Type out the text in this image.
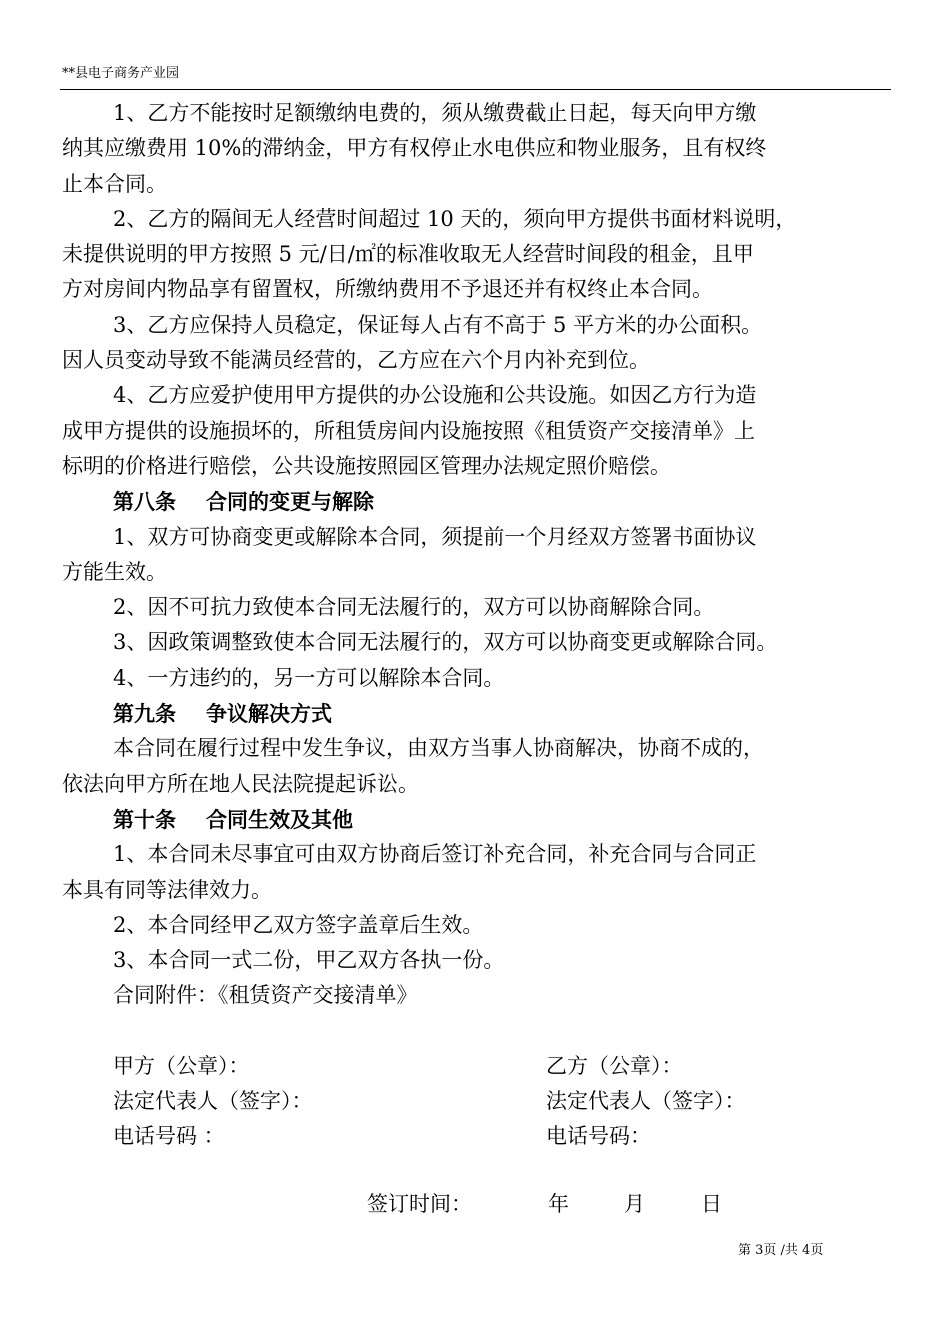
**县电子商务产业园
1、乙方不能按时足额缴纳电费的，须从缴费截止日起，每天向甲方缴
纳其应缴费用 10%的滞纳金，甲方有权停止水电供应和物业服务，且有权终
止本合同。
2、乙方的隔间无人经营时间超过 10 天的，须向甲方提供书面材料说明，
未提供说明的甲方按照 5 元/日/㎡的标准收取无人经营时间段的租金，且甲
方对房间内物品享有留置权，所缴纳费用不予退还并有权终止本合同。
3、乙方应保持人员稳定，保证每人占有不高于 5 平方米的办公面积。
因人员变动导致不能满员经营的，乙方应在六个月内补充到位。
4、乙方应爱护使用甲方提供的办公设施和公共设施。如因乙方行为造
成甲方提供的设施损坏的，所租赁房间内设施按照《租赁资产交接清单》上
标明的价格进行赔偿，公共设施按照园区管理办法规定照价赔偿。
第八条 合同的变更与解除
1、双方可协商变更或解除本合同，须提前一个月经双方签署书面协议
方能生效。
2、因不可抗力致使本合同无法履行的，双方可以协商解除合同。
3、因政策调整致使本合同无法履行的，双方可以协商变更或解除合同。
4、一方违约的，另一方可以解除本合同。
第九条 争议解决方式
本合同在履行过程中发生争议，由双方当事人协商解决，协商不成的，
依法向甲方所在地人民法院提起诉讼。
第十条 合同生效及其他
1、本合同未尽事宜可由双方协商后签订补充合同，补充合同与合同正
本具有同等法律效力。
2、本合同经甲乙双方签字盖章后生效。
3、本合同一式二份，甲乙双方各执一份。
合同附件：《租赁资产交接清单》
甲方（公章）：	乙方（公章）：
法定代表人（签字）：	法定代表人（签字）：
电话号码 ：	电话号码：
签订时间：	年	月	日
第 3页 /共 4页
